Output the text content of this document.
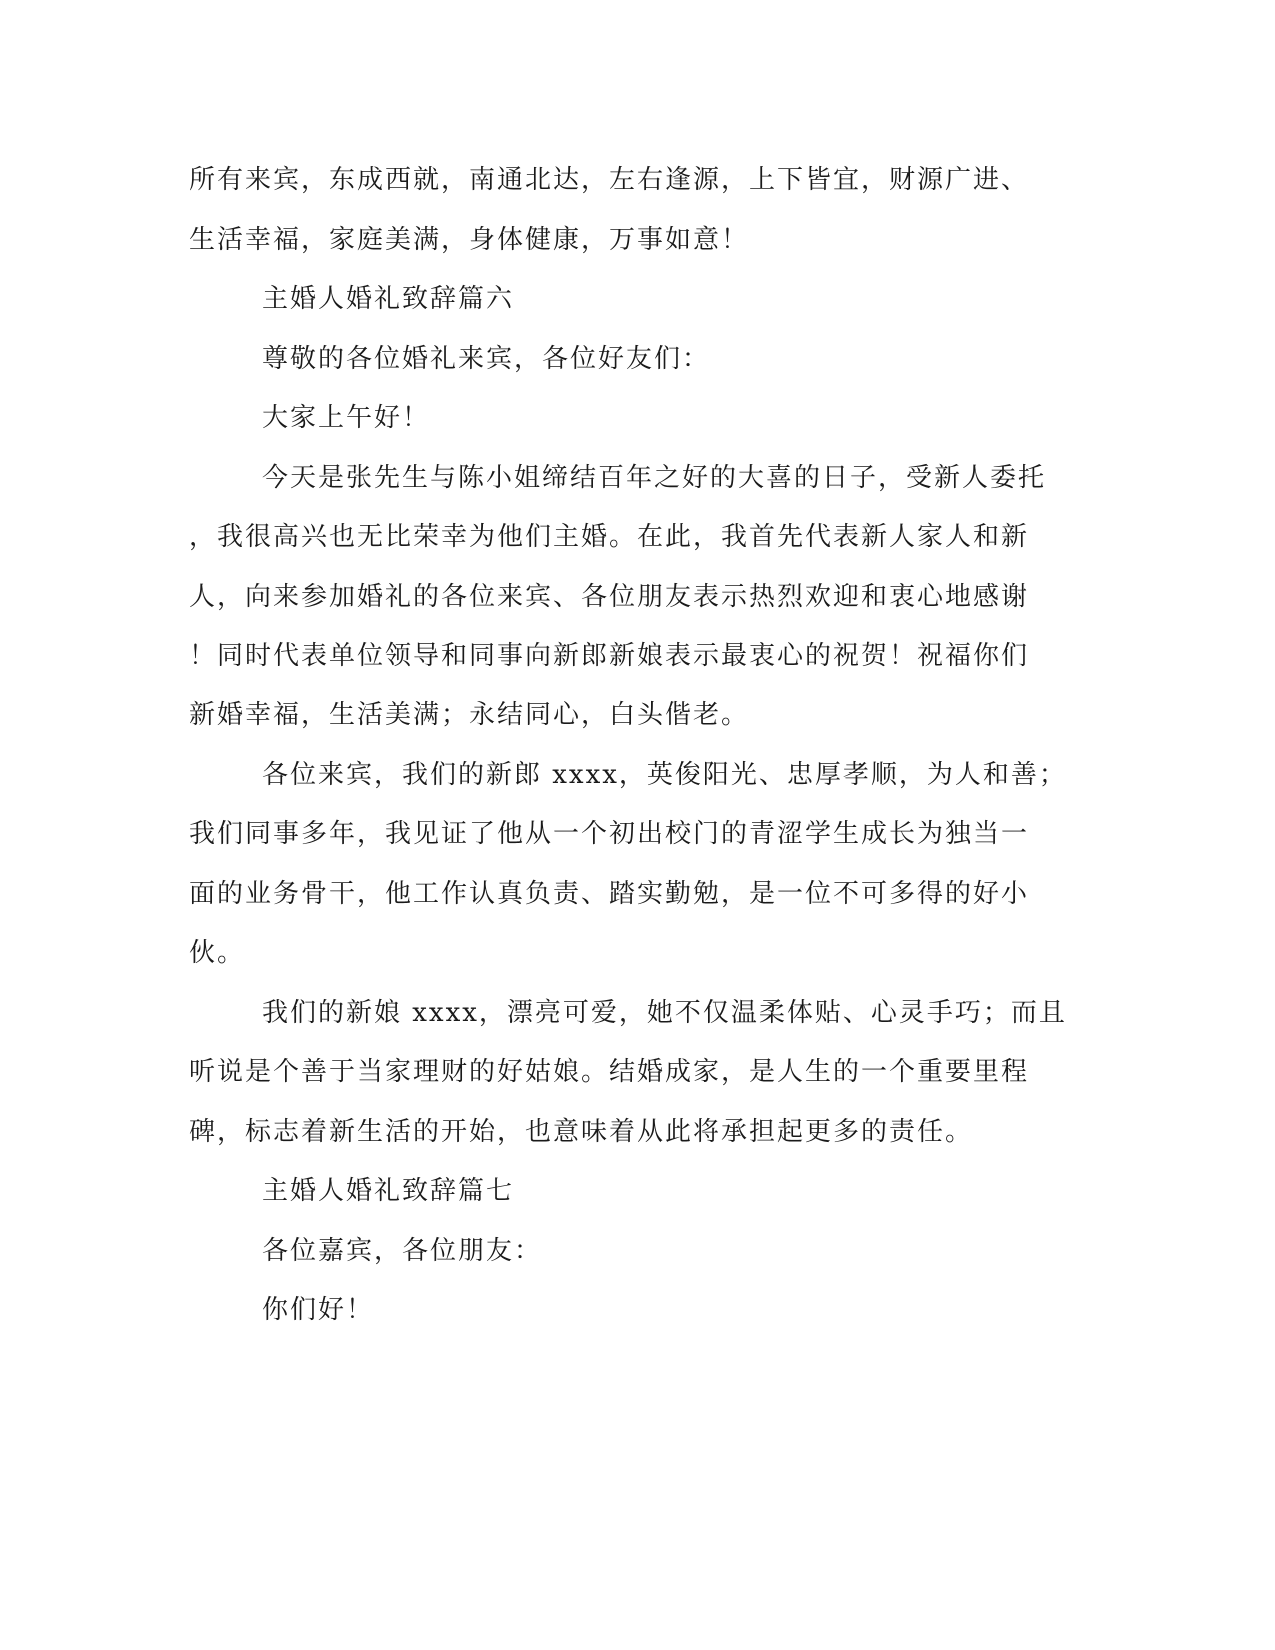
所有来宾，东成西就，南通北达，左右逢源，上下皆宜，财源广进、
生活幸福，家庭美满，身体健康，万事如意！
主婚人婚礼致辞篇六
尊敬的各位婚礼来宾，各位好友们：
大家上午好！
今天是张先生与陈小姐缔结百年之好的大喜的日子，受新人委托
，我很高兴也无比荣幸为他们主婚。在此，我首先代表新人家人和新
人，向来参加婚礼的各位来宾、各位朋友表示热烈欢迎和衷心地感谢
！同时代表单位领导和同事向新郎新娘表示最衷心的祝贺！祝福你们
新婚幸福，生活美满；永结同心，白头偕老。
各位来宾，我们的新郎 xxxx，英俊阳光、忠厚孝顺，为人和善；
我们同事多年，我见证了他从一个初出校门的青涩学生成长为独当一
面的业务骨干，他工作认真负责、踏实勤勉，是一位不可多得的好小
伙。
我们的新娘 xxxx，漂亮可爱，她不仅温柔体贴、心灵手巧；而且
听说是个善于当家理财的好姑娘。结婚成家，是人生的一个重要里程
碑，标志着新生活的开始，也意味着从此将承担起更多的责任。
主婚人婚礼致辞篇七
各位嘉宾，各位朋友：
你们好！
